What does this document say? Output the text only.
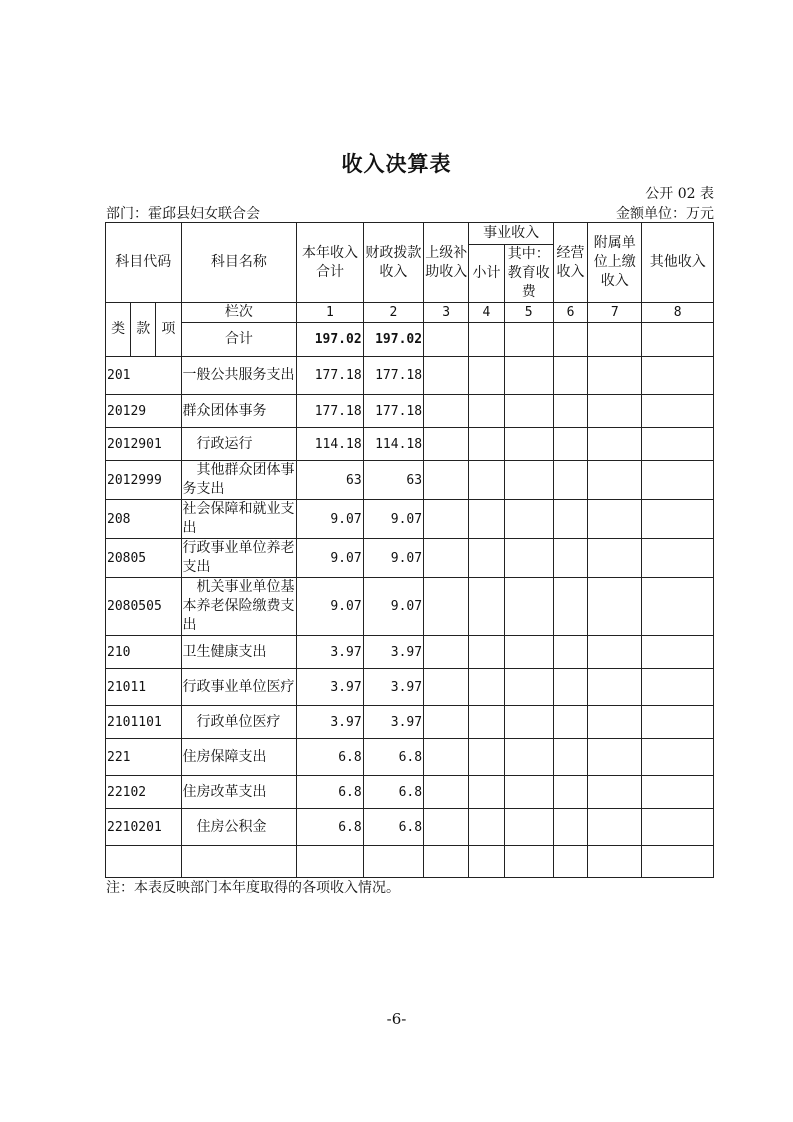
收入决算表
公开 02 表
部门：霍邱县妇女联合会	金额单位：万元
科目代码			科目名称	本年收入合计	财政拨款收入	上级补助收入	事业收入		经营收入	附属单位上缴收入	其他收入
							小计	其中：教育收费			

类	款	项	栏次	1	2	3	4	5	6	7	8
			合计	197.02	197.02						
201			一般公共服务支出	177.18	177.18						
20129			群众团体事务	177.18	177.18						
2012901			行政运行	114.18	114.18						
2012999			其他群众团体事务支出	63	63						
208			社会保障和就业支出	9.07	9.07						
20805			行政事业单位养老支出	9.07	9.07						
2080505			机关事业单位基本养老保险缴费支出	9.07	9.07						
210			卫生健康支出	3.97	3.97						
21011			行政事业单位医疗	3.97	3.97						
2101101			行政单位医疗	3.97	3.97						
221			住房保障支出	6.8	6.8						
22102			住房改革支出	6.8	6.8						
2210201			住房公积金	6.8	6.8						

注：本表反映部门本年度取得的各项收入情况。
-6-
